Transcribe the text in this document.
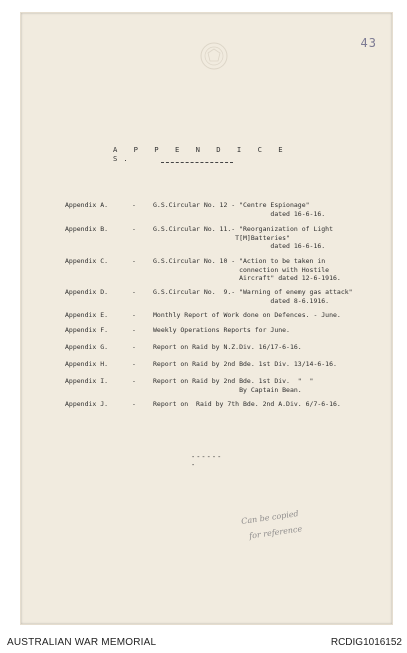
43
A P P E N D I C E S.
Appendix A.	-	G.S.Circular No. 12 - "Centre Espionage"
dated 16-6-16.
Appendix B.	-	G.S.Circular No. 11.- "Reorganization of Light
T[M]Batteries"
dated 16-6-16.
Appendix C.	-	G.S.Circular No. 10 - "Action to be taken in
connection with Hostile
Aircraft" dated 12-6-1916.
Appendix D.	-	G.S.Circular No.  9.- "Warning of enemy gas attack"
dated 8-6.1916.
Appendix E.	-	Monthly Report of Work done on Defences. - June.
Appendix F.	-	Weekly Operations Reports for June.
Appendix G.	-	Report on Raid by N.Z.Div. 16/17-6-16.
Appendix H.	-	Report on Raid by 2nd Bde. 1st Div. 13/14-6-16.
Appendix I.	-	Report on Raid by 2nd Bde. 1st Div.  "  "
By Captain Bean.
Appendix J.	-	Report on  Raid by 7th Bde. 2nd A.Div. 6/7-6-16.
-------
Can be copied
for reference
AUSTRALIAN WAR MEMORIAL	RCDIG1016152
